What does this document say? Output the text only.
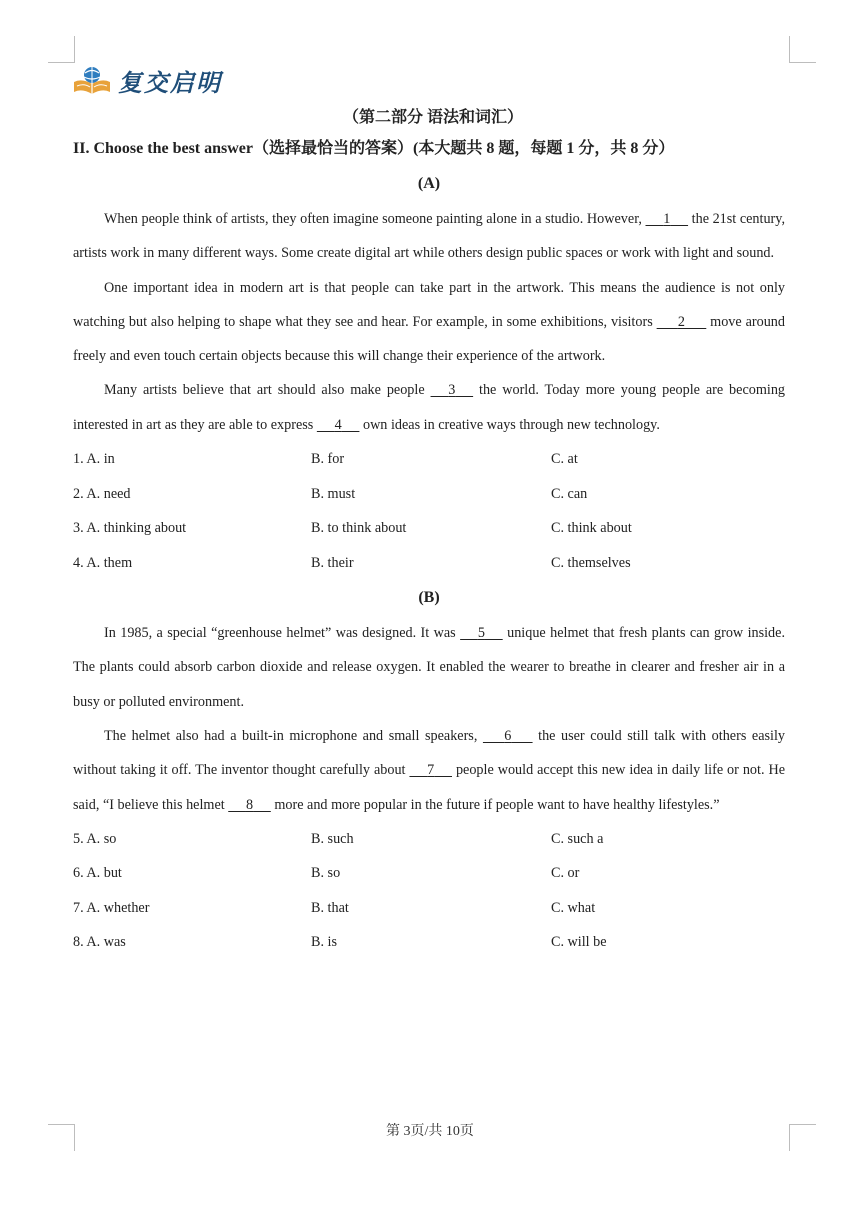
复交启明
（第二部分 语法和词汇）
II. Choose the best answer（选择最恰当的答案）(本大题共 8 题，每题 1 分，共 8 分）
(A)

When people think of artists, they often imagine someone painting alone in a studio. However,      1      the 21st century, artists work in many different ways. Some create digital art while others design public spaces or work with light and sound.

One important idea in modern art is that people can take part in the artwork. This means the audience is not only watching but also helping to shape what they see and hear. For example, in some exhibitions, visitors       2       move around freely and even touch certain objects because this will change their experience of the artwork.

Many artists believe that art should also make people      3      the world. Today more young people are becoming interested in art as they are able to express      4      own ideas in creative ways through new technology.

1. A. in	B. for	C. at
2. A. need	B. must	C. can
3. A. thinking about	B. to think about	C. think about
4. A. them	B. their	C. themselves
(B)

In 1985, a special “greenhouse helmet” was designed. It was      5      unique helmet that fresh plants can grow inside. The plants could absorb carbon dioxide and release oxygen. It enabled the wearer to breathe in clearer and fresher air in a busy or polluted environment.

The helmet also had a built-in microphone and small speakers,       6       the user could still talk with others easily without taking it off. The inventor thought carefully about      7      people would accept this new idea in daily life or not. He said, “I believe this helmet      8      more and more popular in the future if people want to have healthy lifestyles.”

5. A. so	B. such	C. such a
6. A. but	B. so	C. or
7. A. whether	B. that	C. what
8. A. was	B. is	C. will be
第 3页/共 10页
